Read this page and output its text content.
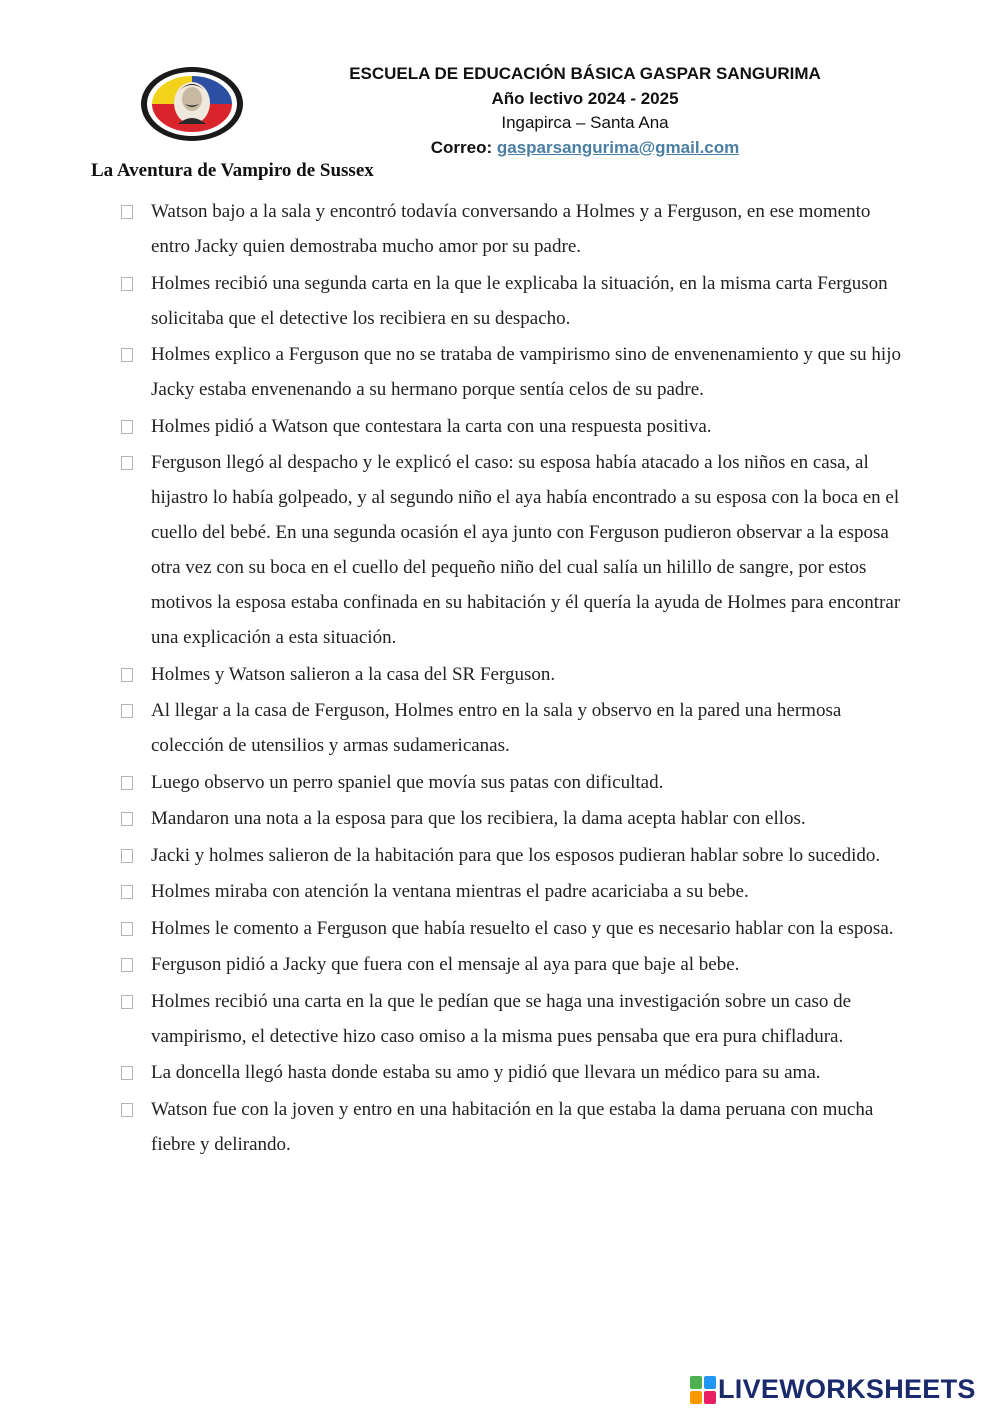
ESCUELA DE EDUCACIÓN BÁSICA GASPAR SANGURIMA
Año lectivo 2024 - 2025
Ingapirca – Santa Ana
Correo: gasparsangurima@gmail.com
La Aventura de Vampiro de Sussex
Watson bajo a la sala y encontró todavía conversando a Holmes y a Ferguson, en ese momento entro Jacky quien demostraba mucho amor por su padre.
Holmes recibió una segunda carta en la que le explicaba la situación, en la misma carta Ferguson solicitaba que el detective los recibiera en su despacho.
Holmes explico a Ferguson que no se trataba de vampirismo sino de envenenamiento y que su hijo Jacky estaba envenenando a su hermano porque sentía celos de su padre.
Holmes pidió a Watson que contestara la carta con una respuesta positiva.
Ferguson llegó al despacho y le explicó el caso: su esposa había atacado a los niños en casa, al hijastro lo había golpeado, y al segundo niño el aya había encontrado a su esposa con la boca en el cuello del bebé. En una segunda ocasión el aya junto con Ferguson pudieron observar a la esposa otra vez con su boca en el cuello del pequeño niño del cual salía un hilillo de sangre, por estos motivos la esposa estaba confinada en su habitación y él quería la ayuda de Holmes para encontrar una explicación a esta situación.
Holmes y Watson salieron a la casa del SR Ferguson.
Al llegar a la casa de Ferguson, Holmes entro en la sala y observo en la pared una hermosa colección de utensilios y armas sudamericanas.
Luego observo un perro spaniel que movía sus patas con dificultad.
Mandaron una nota a la esposa para que los recibiera, la dama acepta hablar con ellos.
Jacki y holmes salieron de la habitación para que los esposos pudieran hablar sobre lo sucedido.
Holmes miraba con atención la ventana mientras el padre acariciaba a su bebe.
Holmes le comento a Ferguson que había resuelto el caso y que es necesario hablar con la esposa.
Ferguson pidió a Jacky que fuera con el mensaje al aya para que baje al bebe.
Holmes recibió una carta en la que le pedían que se haga una investigación sobre un caso de vampirismo, el detective hizo caso omiso a la misma pues pensaba que era pura chifladura.
La doncella llegó hasta donde estaba su amo y pidió que llevara un médico para su ama.
Watson fue con la joven y entro en una habitación en la que estaba la dama peruana con mucha fiebre y delirando.
LIVEWORKSHEETS
